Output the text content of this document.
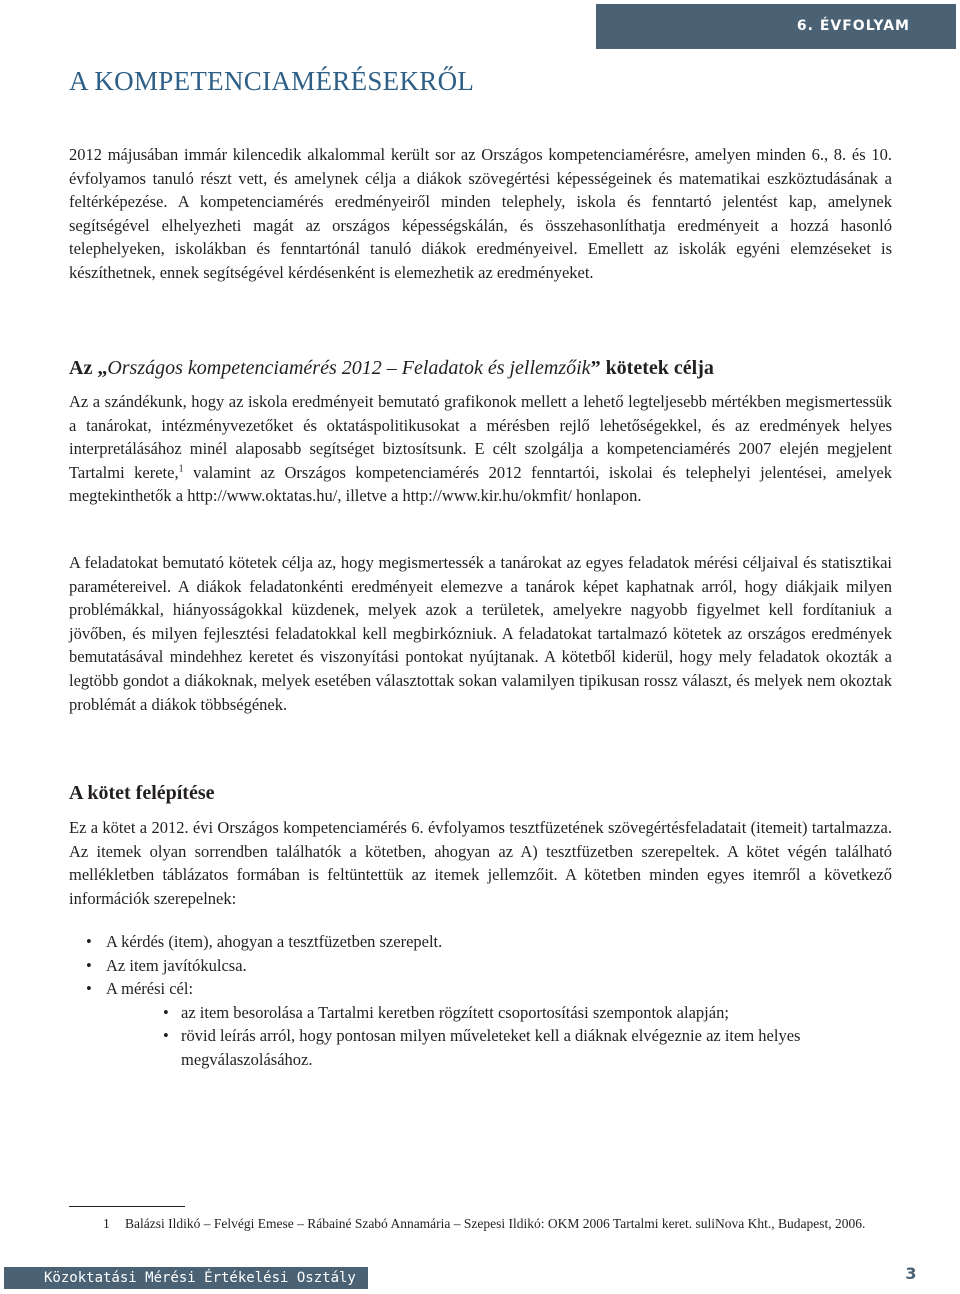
6. ÉVFOLYAM
A KOMPETENCIAMÉRÉSEKRŐL

2012 májusában immár kilencedik alkalommal került sor az Országos kompetenciamérésre, amelyen minden 6., 8. és 10. évfolyamos tanuló részt vett, és amelynek célja a diákok szövegértési képességeinek és matematikai eszköztudásának a feltérképezése. A kompetenciamérés eredményeiről minden telephely, iskola és fenntartó jelentést kap, amelynek segítségével elhelyezheti magát az országos képességskálán, és összehasonlíthatja eredményeit a hozzá hasonló telephelyeken, iskolákban és fenntartónál tanuló diákok eredményeivel. Emellett az iskolák egyéni elemzéseket is készíthetnek, ennek segítségével kérdésenként is elemezhetik az eredményeket.

Az „Országos kompetenciamérés 2012 – Feladatok és jellemzőik” kötetek célja

Az a szándékunk, hogy az iskola eredményeit bemutató grafikonok mellett a lehető legteljesebb mértékben megismertessük a tanárokat, intézményvezetőket és oktatáspolitikusokat a mérésben rejlő lehetőségekkel, és az eredmények helyes interpretálásához minél alaposabb segítséget biztosítsunk. E célt szolgálja a kompetenciamérés 2007 elején megjelent Tartalmi kerete,$^1$ valamint az Országos kompetenciamérés 2012 fenntartói, iskolai és telephelyi jelentései, amelyek megtekinthetők a http://www.oktatas.hu/, illetve a http://www.kir.hu/okmfit/ honlapon.

A feladatokat bemutató kötetek célja az, hogy megismertessék a tanárokat az egyes feladatok mérési céljaival és statisztikai paramétereivel. A diákok feladatonkénti eredményeit elemezve a tanárok képet kaphatnak arról, hogy diákjaik milyen problémákkal, hiányosságokkal küzdenek, melyek azok a területek, amelyekre nagyobb figyelmet kell fordítaniuk a jövőben, és milyen fejlesztési feladatokkal kell megbirkózniuk. A feladatokat tartalmazó kötetek az országos eredmények bemutatásával mindehhez keretet és viszonyítási pontokat nyújtanak. A kötetből kiderül, hogy mely feladatok okozták a legtöbb gondot a diákoknak, melyek esetében választottak sokan valamilyen tipikusan rossz választ, és melyek nem okoztak problémát a diákok többségének.

A kötet felépítése

Ez a kötet a 2012. évi Országos kompetenciamérés 6. évfolyamos tesztfüzetének szövegértésfeladatait (itemeit) tartalmazza. Az itemek olyan sorrendben találhatók a kötetben, ahogyan az A) tesztfüzetben szerepeltek. A kötet végén található mellékletben táblázatos formában is feltüntettük az itemek jellemzőit. A kötetben minden egyes itemről a következő információk szerepelnek:

• A kérdés (item), ahogyan a tesztfüzetben szerepelt.
• Az item javítókulcsa.
• A mérési cél:
• az item besorolása a Tartalmi keretben rögzített csoportosítási szempontok alapján;
• rövid leírás arról, hogy pontosan milyen műveleteket kell a diáknak elvégeznie az item helyes megválaszolásához.
1 Balázsi Ildikó – Felvégi Emese – Rábainé Szabó Annamária – Szepesi Ildikó: OKM 2006 Tartalmi keret. suliNova Kht., Budapest, 2006.
Közoktatási Mérési Értékelési Osztály	3
